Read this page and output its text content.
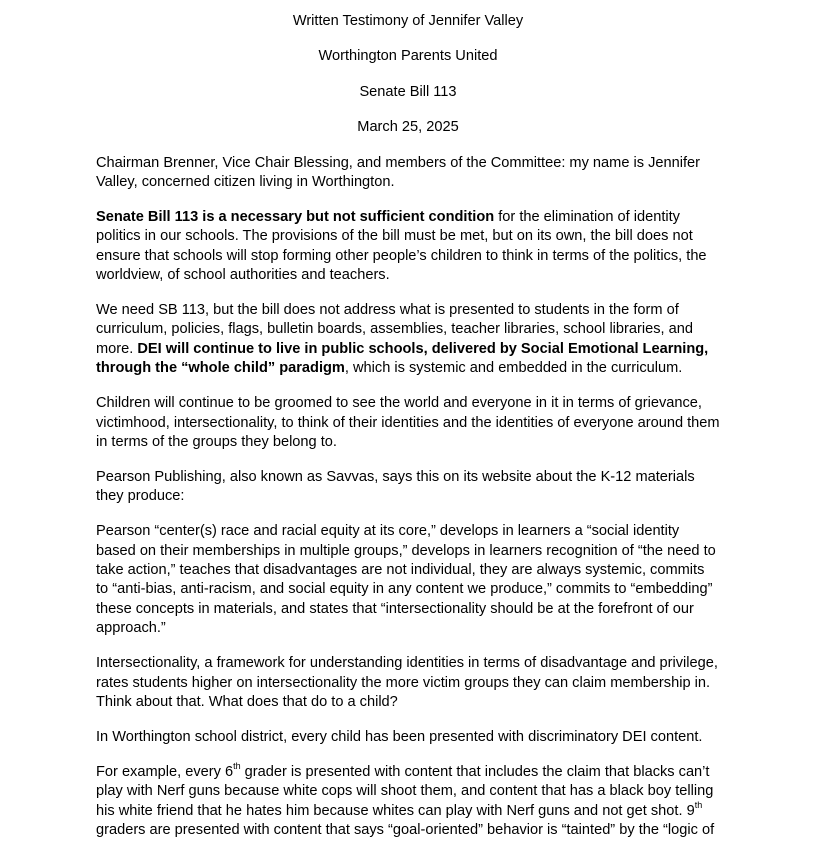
Written Testimony of Jennifer Valley
Worthington Parents United
Senate Bill 113
March 25, 2025

Chairman Brenner, Vice Chair Blessing, and members of the Committee: my name is Jennifer Valley, concerned citizen living in Worthington.

Senate Bill 113 is a necessary but not sufficient condition for the elimination of identity politics in our schools. The provisions of the bill must be met, but on its own, the bill does not ensure that schools will stop forming other people’s children to think in terms of the politics, the worldview, of school authorities and teachers.

We need SB 113, but the bill does not address what is presented to students in the form of curriculum, policies, flags, bulletin boards, assemblies, teacher libraries, school libraries, and more. DEI will continue to live in public schools, delivered by Social Emotional Learning, through the “whole child” paradigm, which is systemic and embedded in the curriculum.

Children will continue to be groomed to see the world and everyone in it in terms of grievance, victimhood, intersectionality, to think of their identities and the identities of everyone around them in terms of the groups they belong to.

Pearson Publishing, also known as Savvas, says this on its website about the K-12 materials they produce:

Pearson “center(s) race and racial equity at its core,” develops in learners a “social identity based on their memberships in multiple groups,” develops in learners recognition of “the need to take action,” teaches that disadvantages are not individual, they are always systemic, commits to “anti-bias, anti-racism, and social equity in any content we produce,” commits to “embedding” these concepts in materials, and states that “intersectionality should be at the forefront of our approach.”

Intersectionality, a framework for understanding identities in terms of disadvantage and privilege, rates students higher on intersectionality the more victim groups they can claim membership in. Think about that. What does that do to a child?

In Worthington school district, every child has been presented with discriminatory DEI content.

For example, every 6th grader is presented with content that includes the claim that blacks can’t play with Nerf guns because white cops will shoot them, and content that has a black boy telling his white friend that he hates him because whites can play with Nerf guns and not get shot. 9th graders are presented with content that says “goal-oriented” behavior is “tainted” by the “logic of
